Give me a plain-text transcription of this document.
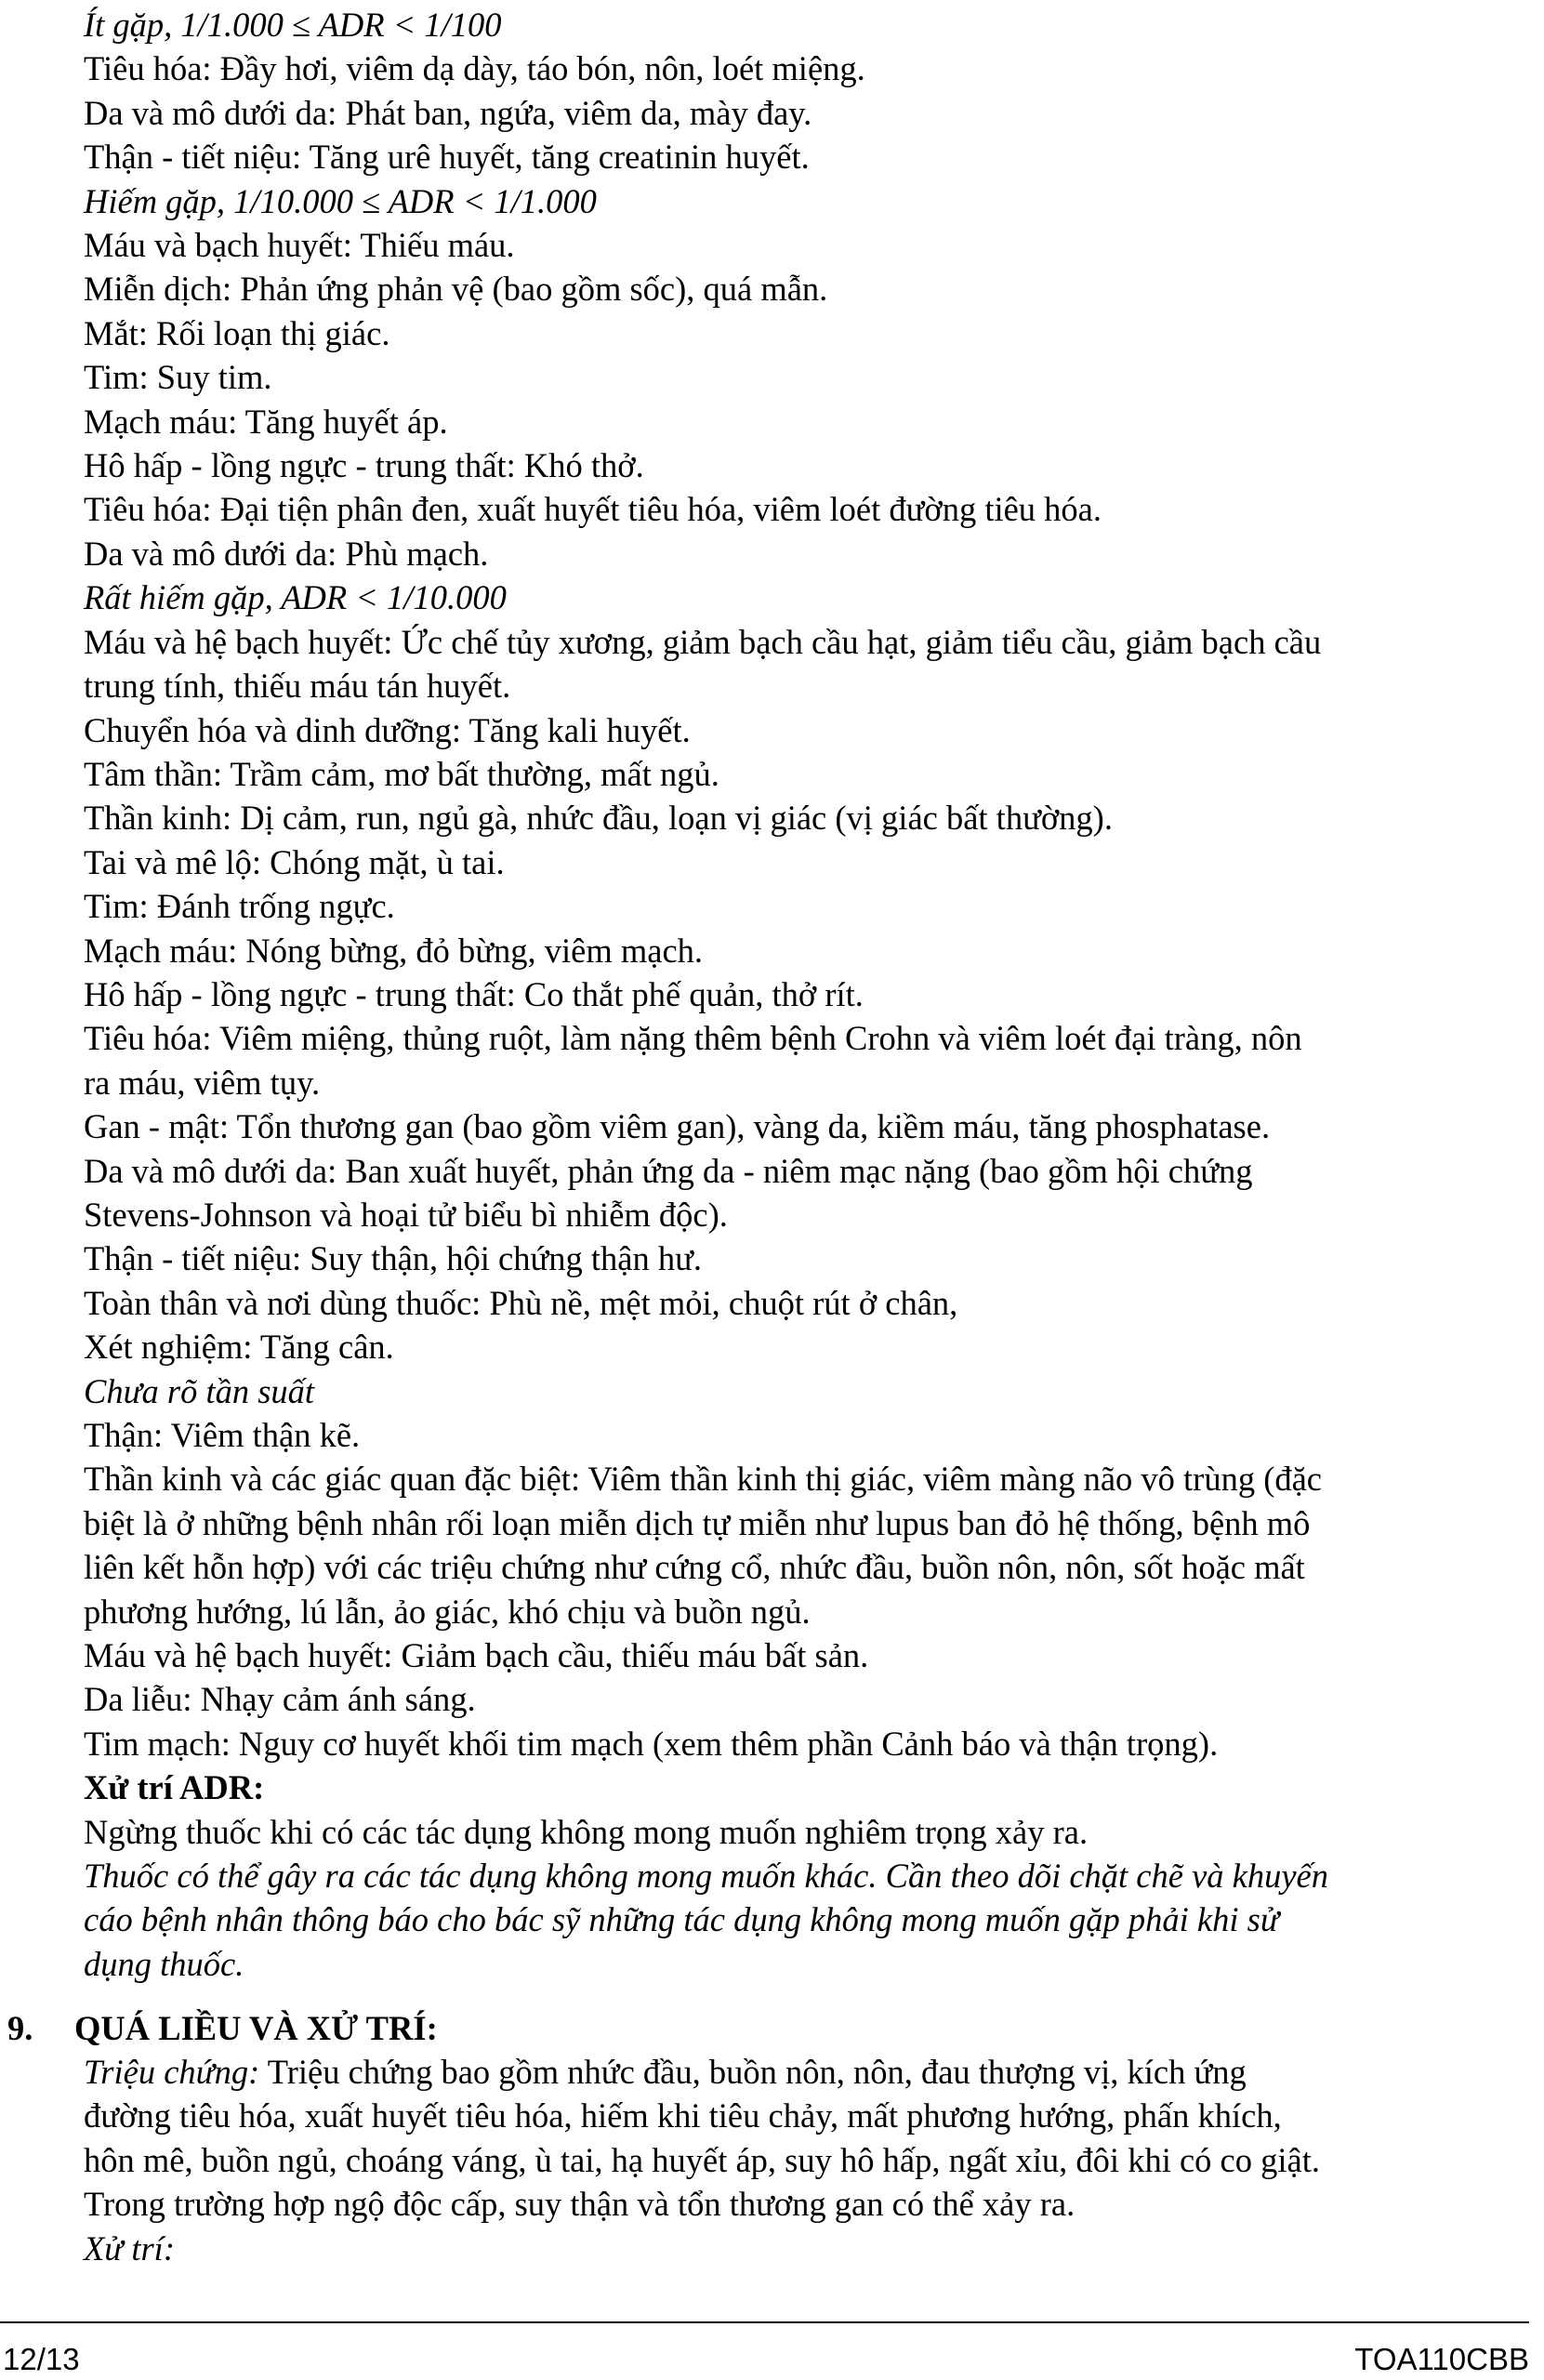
Ít gặp, 1/1.000 ≤ ADR < 1/100

Tiêu hóa: Đầy hơi, viêm dạ dày, táo bón, nôn, loét miệng.

Da và mô dưới da: Phát ban, ngứa, viêm da, mày đay.

Thận - tiết niệu: Tăng urê huyết, tăng creatinin huyết.

Hiếm gặp, 1/10.000 ≤ ADR < 1/1.000

Máu và bạch huyết: Thiếu máu.

Miễn dịch: Phản ứng phản vệ (bao gồm sốc), quá mẫn.

Mắt: Rối loạn thị giác.

Tim: Suy tim.

Mạch máu: Tăng huyết áp.

Hô hấp - lồng ngực - trung thất: Khó thở.

Tiêu hóa: Đại tiện phân đen, xuất huyết tiêu hóa, viêm loét đường tiêu hóa.

Da và mô dưới da: Phù mạch.

Rất hiếm gặp, ADR < 1/10.000

Máu và hệ bạch huyết: Ức chế tủy xương, giảm bạch cầu hạt, giảm tiểu cầu, giảm bạch cầu

trung tính, thiếu máu tán huyết.

Chuyển hóa và dinh dưỡng: Tăng kali huyết.

Tâm thần: Trầm cảm, mơ bất thường, mất ngủ.

Thần kinh: Dị cảm, run, ngủ gà, nhức đầu, loạn vị giác (vị giác bất thường).

Tai và mê lộ: Chóng mặt, ù tai.

Tim: Đánh trống ngực.

Mạch máu: Nóng bừng, đỏ bừng, viêm mạch.

Hô hấp - lồng ngực - trung thất: Co thắt phế quản, thở rít.

Tiêu hóa: Viêm miệng, thủng ruột, làm nặng thêm bệnh Crohn và viêm loét đại tràng, nôn

ra máu, viêm tụy.

Gan - mật: Tổn thương gan (bao gồm viêm gan), vàng da, kiềm máu, tăng phosphatase.

Da và mô dưới da: Ban xuất huyết, phản ứng da - niêm mạc nặng (bao gồm hội chứng

Stevens-Johnson và hoại tử biểu bì nhiễm độc).

Thận - tiết niệu: Suy thận, hội chứng thận hư.

Toàn thân và nơi dùng thuốc: Phù nề, mệt mỏi, chuột rút ở chân,

Xét nghiệm: Tăng cân.

Chưa rõ tần suất

Thận: Viêm thận kẽ.

Thần kinh và các giác quan đặc biệt: Viêm thần kinh thị giác, viêm màng não vô trùng (đặc

biệt là ở những bệnh nhân rối loạn miễn dịch tự miễn như lupus ban đỏ hệ thống, bệnh mô

liên kết hỗn hợp) với các triệu chứng như cứng cổ, nhức đầu, buồn nôn, nôn, sốt hoặc mất

phương hướng, lú lẫn, ảo giác, khó chịu và buồn ngủ.

Máu và hệ bạch huyết: Giảm bạch cầu, thiếu máu bất sản.

Da liễu: Nhạy cảm ánh sáng.

Tim mạch: Nguy cơ huyết khối tim mạch (xem thêm phần Cảnh báo và thận trọng).

Xử trí ADR:

Ngừng thuốc khi có các tác dụng không mong muốn nghiêm trọng xảy ra.

Thuốc có thể gây ra các tác dụng không mong muốn khác. Cần theo dõi chặt chẽ và khuyến

cáo bệnh nhân thông báo cho bác sỹ những tác dụng không mong muốn gặp phải khi sử

dụng thuốc.

9. QUÁ LIỀU VÀ XỬ TRÍ:

Triệu chứng: Triệu chứng bao gồm nhức đầu, buồn nôn, nôn, đau thượng vị, kích ứng

đường tiêu hóa, xuất huyết tiêu hóa, hiếm khi tiêu chảy, mất phương hướng, phấn khích,

hôn mê, buồn ngủ, choáng váng, ù tai, hạ huyết áp, suy hô hấp, ngất xỉu, đôi khi có co giật.

Trong trường hợp ngộ độc cấp, suy thận và tổn thương gan có thể xảy ra.

Xử trí:

12/13	TOA110CBB
